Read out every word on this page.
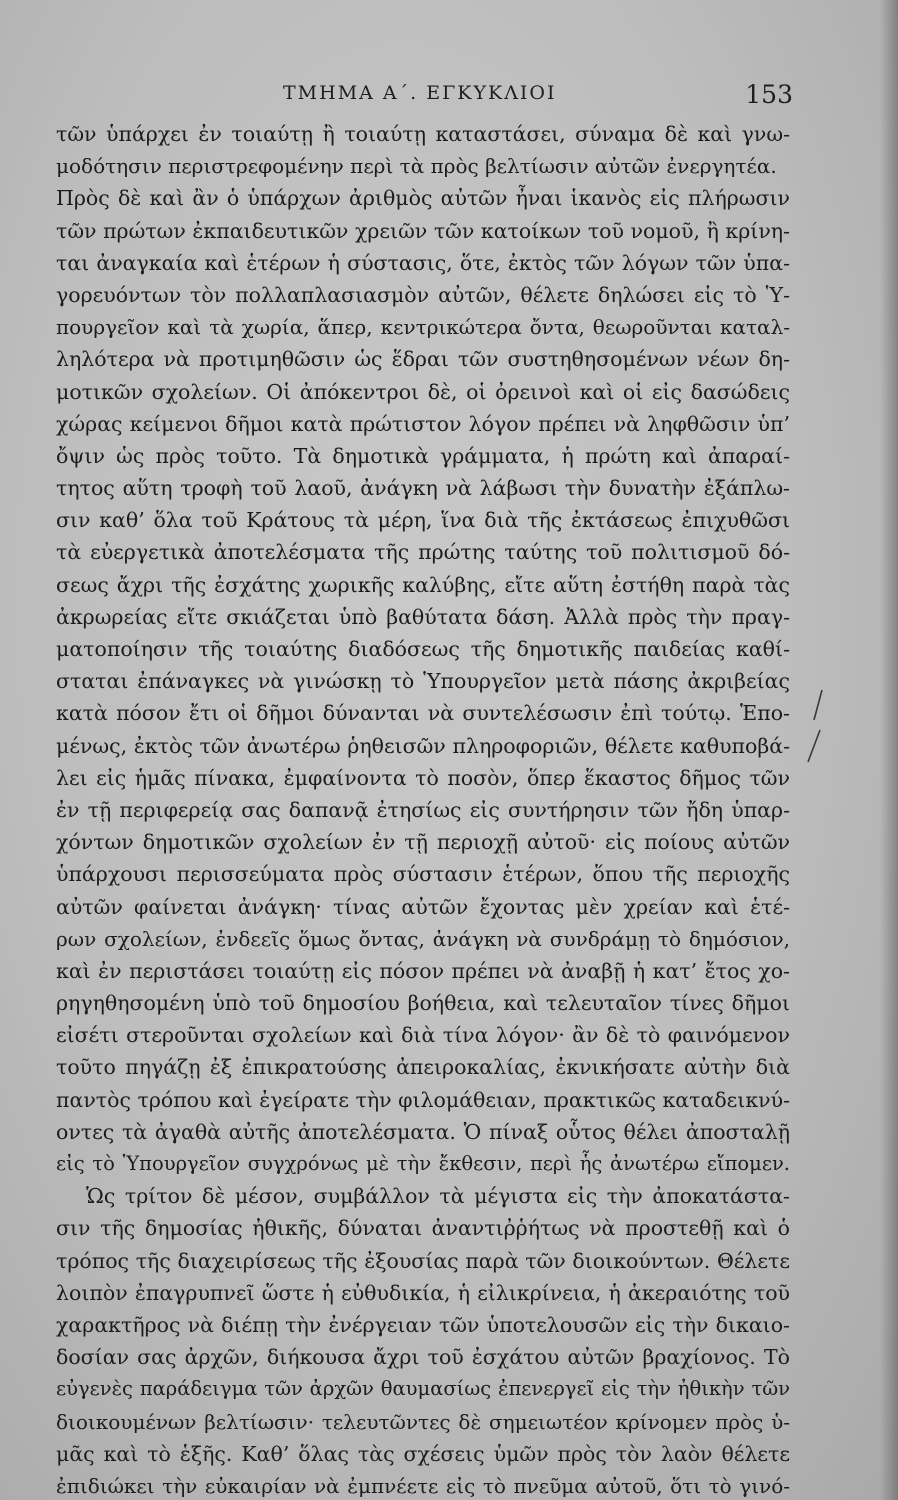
ΤΜΗΜΑ Α΄. ΕΓΚΥΚΛΙΟΙ	153
τῶν ὑπάρχει ἐν τοιαύτῃ ἢ τοιαύτῃ καταστάσει, σύναμα δὲ καὶ γνω-
μοδότησιν περιστρεφομένην περὶ τὰ πρὸς βελτίωσιν αὐτῶν ἐνεργητέα.
Πρὸς δὲ καὶ ἂν ὁ ὑπάρχων ἀριθμὸς αὐτῶν ἦναι ἱκανὸς εἰς πλήρωσιν
τῶν πρώτων ἐκπαιδευτικῶν χρειῶν τῶν κατοίκων τοῦ νομοῦ, ἢ κρίνη-
ται ἀναγκαία καὶ ἑτέρων ἡ σύστασις, ὅτε, ἐκτὸς τῶν λόγων τῶν ὑπα-
γορευόντων τὸν πολλαπλασιασμὸν αὐτῶν, θέλετε δηλώσει εἰς τὸ Ὑ-
πουργεῖον καὶ τὰ χωρία, ἅπερ, κεντρικώτερα ὄντα, θεωροῦνται καταλ-
ληλότερα νὰ προτιμηθῶσιν ὡς ἕδραι τῶν συστηθησομένων νέων δη-
μοτικῶν σχολείων. Οἱ ἀπόκεντροι δὲ, οἱ ὀρεινοὶ καὶ οἱ εἰς δασώδεις
χώρας κείμενοι δῆμοι κατὰ πρώτιστον λόγον πρέπει νὰ ληφθῶσιν ὑπ’
ὄψιν ὡς πρὸς τοῦτο. Τὰ δημοτικὰ γράμματα, ἡ πρώτη καὶ ἀπαραί-
τητος αὕτη τροφὴ τοῦ λαοῦ, ἀνάγκη νὰ λάβωσι τὴν δυνατὴν ἐξάπλω-
σιν καθ’ ὅλα τοῦ Κράτους τὰ μέρη, ἵνα διὰ τῆς ἐκτάσεως ἐπιχυθῶσι
τὰ εὐεργετικὰ ἀποτελέσματα τῆς πρώτης ταύτης τοῦ πολιτισμοῦ δό-
σεως ἄχρι τῆς ἐσχάτης χωρικῆς καλύβης, εἴτε αὕτη ἐστήθη παρὰ τὰς
ἀκρωρείας εἴτε σκιάζεται ὑπὸ βαθύτατα δάση. Ἀλλὰ πρὸς τὴν πραγ-
ματοποίησιν τῆς τοιαύτης διαδόσεως τῆς δημοτικῆς παιδείας καθί-
σταται ἐπάναγκες νὰ γινώσκῃ τὸ Ὑπουργεῖον μετὰ πάσης ἀκριβείας
κατὰ πόσον ἔτι οἱ δῆμοι δύνανται νὰ συντελέσωσιν ἐπὶ τούτῳ. Ἑπο-
μένως, ἐκτὸς τῶν ἀνωτέρω ῥηθεισῶν πληροφοριῶν, θέλετε καθυποβά-
λει εἰς ἡμᾶς πίνακα, ἐμφαίνοντα τὸ ποσὸν, ὅπερ ἕκαστος δῆμος τῶν
ἐν τῇ περιφερείᾳ σας δαπανᾷ ἐτησίως εἰς συντήρησιν τῶν ἤδη ὑπαρ-
χόντων δημοτικῶν σχολείων ἐν τῇ περιοχῇ αὐτοῦ· εἰς ποίους αὐτῶν
ὑπάρχουσι περισσεύματα πρὸς σύστασιν ἑτέρων, ὅπου τῆς περιοχῆς
αὐτῶν φαίνεται ἀνάγκη· τίνας αὐτῶν ἔχοντας μὲν χρείαν καὶ ἑτέ-
ρων σχολείων, ἐνδεεῖς ὅμως ὄντας, ἀνάγκη νὰ συνδράμῃ τὸ δημόσιον,
καὶ ἐν περιστάσει τοιαύτῃ εἰς πόσον πρέπει νὰ ἀναβῇ ἡ κατ’ ἔτος χο-
ρηγηθησομένη ὑπὸ τοῦ δημοσίου βοήθεια, καὶ τελευταῖον τίνες δῆμοι
εἰσέτι στεροῦνται σχολείων καὶ διὰ τίνα λόγον· ἂν δὲ τὸ φαινόμενον
τοῦτο πηγάζῃ ἐξ ἐπικρατούσης ἀπειροκαλίας, ἐκνικήσατε αὐτὴν διὰ
παντὸς τρόπου καὶ ἐγείρατε τὴν φιλομάθειαν, πρακτικῶς καταδεικνύ-
οντες τὰ ἀγαθὰ αὐτῆς ἀποτελέσματα. Ὁ πίναξ οὗτος θέλει ἀποσταλῇ
εἰς τὸ Ὑπουργεῖον συγχρόνως μὲ τὴν ἔκθεσιν, περὶ ἧς ἀνωτέρω εἴπομεν.
Ὡς τρίτον δὲ μέσον, συμβάλλον τὰ μέγιστα εἰς τὴν ἀποκατάστα-
σιν τῆς δημοσίας ἠθικῆς, δύναται ἀναντιῤῥήτως νὰ προστεθῇ καὶ ὁ
τρόπος τῆς διαχειρίσεως τῆς ἐξουσίας παρὰ τῶν διοικούντων. Θέλετε
λοιπὸν ἐπαγρυπνεῖ ὥστε ἡ εὐθυδικία, ἡ εἰλικρίνεια, ἡ ἀκεραιότης τοῦ
χαρακτῆρος νὰ διέπῃ τὴν ἐνέργειαν τῶν ὑποτελουσῶν εἰς τὴν δικαιο-
δοσίαν σας ἀρχῶν, διήκουσα ἄχρι τοῦ ἐσχάτου αὐτῶν βραχίονος. Τὸ
εὐγενὲς παράδειγμα τῶν ἀρχῶν θαυμασίως ἐπενεργεῖ εἰς τὴν ἠθικὴν τῶν
διοικουμένων βελτίωσιν· τελευτῶντες δὲ σημειωτέον κρίνομεν πρὸς ὑ-
μᾶς καὶ τὸ ἑξῆς. Καθ’ ὅλας τὰς σχέσεις ὑμῶν πρὸς τὸν λαὸν θέλετε
ἐπιδιώκει τὴν εὐκαιρίαν νὰ ἐμπνέετε εἰς τὸ πνεῦμα αὐτοῦ, ὅτι τὸ γινό-
